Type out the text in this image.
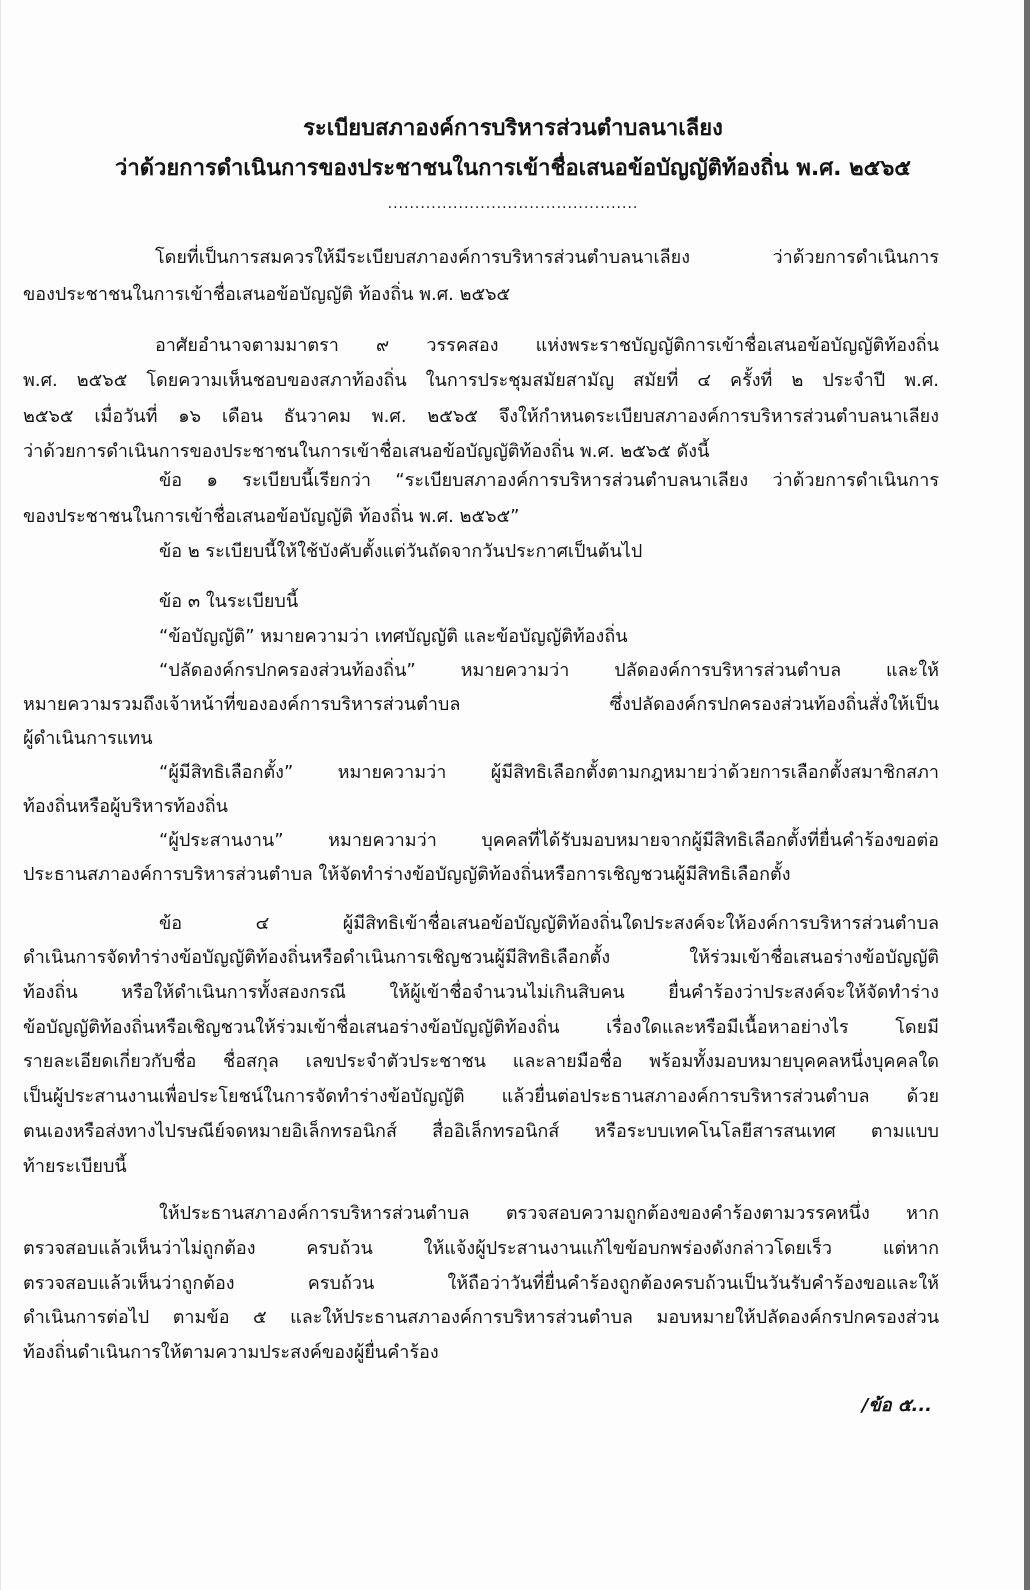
ระเบียบสภาองค์การบริหารส่วนตำบลนาเลียง
ว่าด้วยการดำเนินการของประชาชนในการเข้าชื่อเสนอข้อบัญญัติท้องถิ่น พ.ศ. ๒๕๖๕
..............................................
โดยที่เป็นการสมควรให้มีระเบียบสภาองค์การบริหารส่วนตำบลนาเลียง ว่าด้วยการดำเนินการ
ของประชาชนในการเข้าชื่อเสนอข้อบัญญัติ ท้องถิ่น พ.ศ. ๒๕๖๕
อาศัยอำนาจตามมาตรา ๙ วรรคสอง แห่งพระราชบัญญัติการเข้าชื่อเสนอข้อบัญญัติท้องถิ่น
พ.ศ. ๒๕๖๕ โดยความเห็นชอบของสภาท้องถิ่น ในการประชุมสมัยสามัญ สมัยที่ ๔ ครั้งที่ ๒ ประจำปี พ.ศ.
๒๕๖๕ เมื่อวันที่ ๑๖ เดือน ธันวาคม พ.ศ. ๒๕๖๕ จึงให้กำหนดระเบียบสภาองค์การบริหารส่วนตำบลนาเลียง
ว่าด้วยการดำเนินการของประชาชนในการเข้าชื่อเสนอข้อบัญญัติท้องถิ่น พ.ศ. ๒๕๖๕ ดังนี้
ข้อ ๑ ระเบียบนี้เรียกว่า “ระเบียบสภาองค์การบริหารส่วนตำบลนาเลียง ว่าด้วยการดำเนินการ
ของประชาชนในการเข้าชื่อเสนอข้อบัญญัติ ท้องถิ่น พ.ศ. ๒๕๖๕”
ข้อ ๒ ระเบียบนี้ให้ใช้บังคับตั้งแต่วันถัดจากวันประกาศเป็นต้นไป
ข้อ ๓ ในระเบียบนี้
“ข้อบัญญัติ” หมายความว่า เทศบัญญัติ และข้อบัญญัติท้องถิ่น
“ปลัดองค์กรปกครองส่วนท้องถิ่น” หมายความว่า ปลัดองค์การบริหารส่วนตำบล และให้
หมายความรวมถึงเจ้าหน้าที่ขององค์การบริหารส่วนตำบล ซึ่งปลัดองค์กรปกครองส่วนท้องถิ่นสั่งให้เป็น
ผู้ดำเนินการแทน
“ผู้มีสิทธิเลือกตั้ง” หมายความว่า ผู้มีสิทธิเลือกตั้งตามกฎหมายว่าด้วยการเลือกตั้งสมาชิกสภา
ท้องถิ่นหรือผู้บริหารท้องถิ่น
“ผู้ประสานงาน” หมายความว่า บุคคลที่ได้รับมอบหมายจากผู้มีสิทธิเลือกตั้งที่ยื่นคำร้องขอต่อ
ประธานสภาองค์การบริหารส่วนตำบล ให้จัดทำร่างข้อบัญญัติท้องถิ่นหรือการเชิญชวนผู้มีสิทธิเลือกตั้ง
ข้อ ๔ ผู้มีสิทธิเข้าชื่อเสนอข้อบัญญัติท้องถิ่นใดประสงค์จะให้องค์การบริหารส่วนตำบล
ดำเนินการจัดทำร่างข้อบัญญัติท้องถิ่นหรือดำเนินการเชิญชวนผู้มีสิทธิเลือกตั้ง ให้ร่วมเข้าชื่อเสนอร่างข้อบัญญัติ
ท้องถิ่น หรือให้ดำเนินการทั้งสองกรณี ให้ผู้เข้าชื่อจำนวนไม่เกินสิบคน ยื่นคำร้องว่าประสงค์จะให้จัดทำร่าง
ข้อบัญญัติท้องถิ่นหรือเชิญชวนให้ร่วมเข้าชื่อเสนอร่างข้อบัญญัติท้องถิ่น เรื่องใดและหรือมีเนื้อหาอย่างไร โดยมี
รายละเอียดเกี่ยวกับชื่อ ชื่อสกุล เลขประจำตัวประชาชน และลายมือชื่อ พร้อมทั้งมอบหมายบุคคลหนึ่งบุคคลใด
เป็นผู้ประสานงานเพื่อประโยชน์ในการจัดทำร่างข้อบัญญัติ แล้วยื่นต่อประธานสภาองค์การบริหารส่วนตำบล ด้วย
ตนเองหรือส่งทางไปรษณีย์จดหมายอิเล็กทรอนิกส์ สื่ออิเล็กทรอนิกส์ หรือระบบเทคโนโลยีสารสนเทศ ตามแบบ
ท้ายระเบียบนี้
ให้ประธานสภาองค์การบริหารส่วนตำบล ตรวจสอบความถูกต้องของคำร้องตามวรรคหนึ่ง หาก
ตรวจสอบแล้วเห็นว่าไม่ถูกต้อง ครบถ้วน ให้แจ้งผู้ประสานงานแก้ไขข้อบกพร่องดังกล่าวโดยเร็ว แต่หาก
ตรวจสอบแล้วเห็นว่าถูกต้อง ครบถ้วน ให้ถือว่าวันที่ยื่นคำร้องถูกต้องครบถ้วนเป็นวันรับคำร้องขอและให้
ดำเนินการต่อไป ตามข้อ ๕ และให้ประธานสภาองค์การบริหารส่วนตำบล มอบหมายให้ปลัดองค์กรปกครองส่วน
ท้องถิ่นดำเนินการให้ตามความประสงค์ของผู้ยื่นคำร้อง
/ข้อ ๕...
